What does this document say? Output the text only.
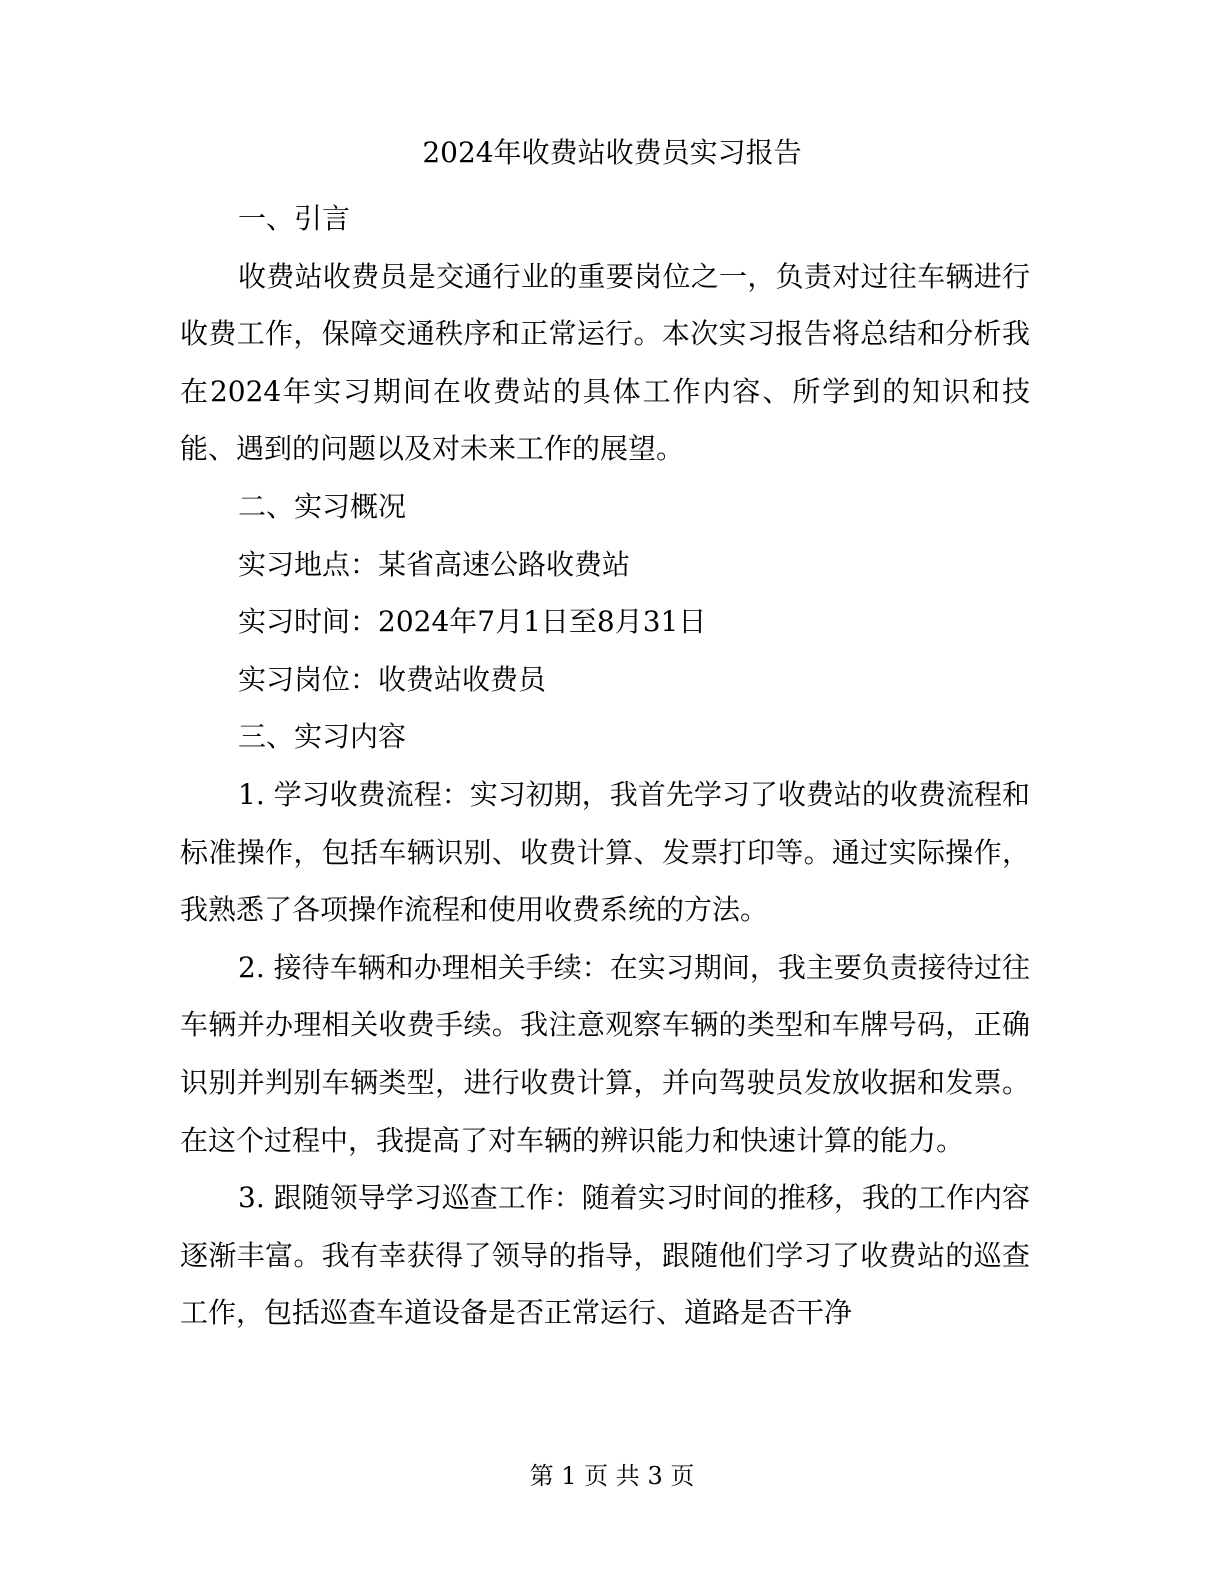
2024年收费站收费员实习报告

一、引言

收费站收费员是交通行业的重要岗位之一，负责对过往车辆进行收费工作，保障交通秩序和正常运行。本次实习报告将总结和分析我在2024年实习期间在收费站的具体工作内容、所学到的知识和技能、遇到的问题以及对未来工作的展望。

二、实习概况

实习地点：某省高速公路收费站

实习时间：2024年7月1日至8月31日

实习岗位：收费站收费员

三、实习内容

1. 学习收费流程：实习初期，我首先学习了收费站的收费流程和标准操作，包括车辆识别、收费计算、发票打印等。通过实际操作，我熟悉了各项操作流程和使用收费系统的方法。

2. 接待车辆和办理相关手续：在实习期间，我主要负责接待过往车辆并办理相关收费手续。我注意观察车辆的类型和车牌号码，正确识别并判别车辆类型，进行收费计算，并向驾驶员发放收据和发票。在这个过程中，我提高了对车辆的辨识能力和快速计算的能力。

3. 跟随领导学习巡查工作：随着实习时间的推移，我的工作内容逐渐丰富。我有幸获得了领导的指导，跟随他们学习了收费站的巡查工作，包括巡查车道设备是否正常运行、道路是否干净

第 1 页 共 3 页
